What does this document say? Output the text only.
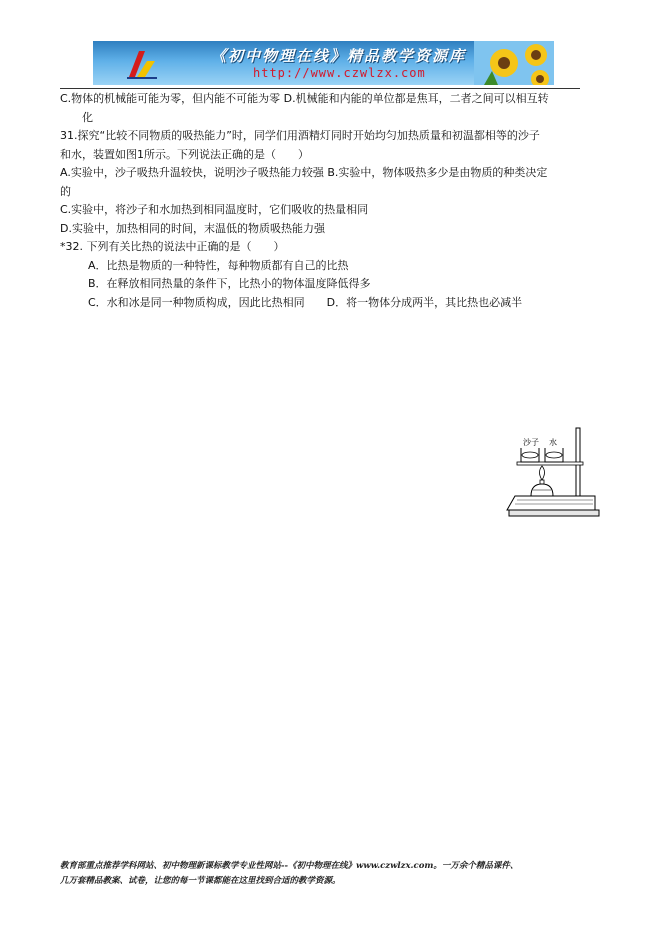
《初中物理在线》精品教学资源库
http://www.czwlzx.com

C.物体的机械能可能为零，但内能不可能为零 D.机械能和内能的单位都是焦耳，二者之间可以相互转

化

31.探究“比较不同物质的吸热能力”时，同学们用酒精灯同时开始均匀加热质量和初温都相等的沙子

和水，装置如图1所示。下列说法正确的是（　　）

A.实验中，沙子吸热升温较快，说明沙子吸热能力较强 B.实验中，物体吸热多少是由物质的种类决定

的

C.实验中，将沙子和水加热到相同温度时，它们吸收的热量相同

D.实验中，加热相同的时间，末温低的物质吸热能力强

*32. 下列有关比热的说法中正确的是（　　）

A．比热是物质的一种特性，每种物质都有自己的比热

B．在释放相同热量的条件下，比热小的物体温度降低得多

C．水和冰是同一种物质构成，因此比热相同　　D．将一物体分成两半，其比热也必减半

沙子 水

教育部重点推荐学科网站、初中物理新课标教学专业性网站--《初中物理在线》www.czwlzx.com。一万余个精品课件、

几万套精品教案、试卷，让您的每一节课都能在这里找到合适的教学资源。
